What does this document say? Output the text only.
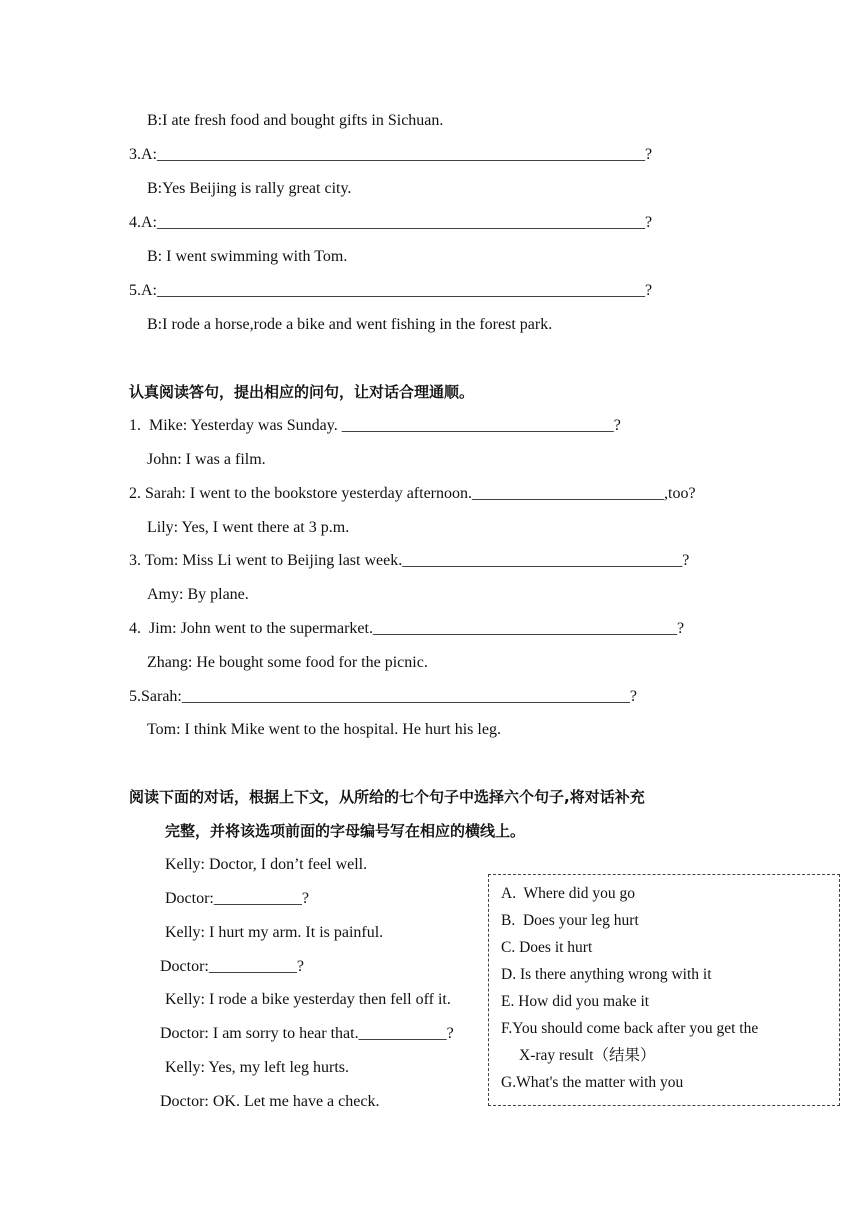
B:I ate fresh food and bought gifts in Sichuan.
3.A:_____________________________________________________________?
B:Yes Beijing is rally great city.
4.A:_____________________________________________________________?
B: I went swimming with Tom.
5.A:_____________________________________________________________?
B:I rode a horse,rode a bike and went fishing in the forest park.
认真阅读答句，提出相应的问句，让对话合理通顺。
1.  Mike: Yesterday was Sunday. __________________________________?
John: I was a film.
2. Sarah: I went to the bookstore yesterday afternoon.________________________,too?
Lily: Yes, I went there at 3 p.m.
3. Tom: Miss Li went to Beijing last week.___________________________________?
Amy: By plane.
4.  Jim: John went to the supermarket.______________________________________?
Zhang: He bought some food for the picnic.
5.Sarah:________________________________________________________?
Tom: I think Mike went to the hospital. He hurt his leg.
阅读下面的对话，根据上下文，从所给的七个句子中选择六个句子,将对话补充
完整，并将该选项前面的字母编号写在相应的横线上。
Kelly: Doctor, I don’t feel well.
Doctor:___________?
Kelly: I hurt my arm. It is painful.
Doctor:___________?
Kelly: I rode a bike yesterday then fell off it.
Doctor: I am sorry to hear that.___________?
Kelly: Yes, my left leg hurts.
Doctor: OK. Let me have a check.
A.  Where did you go
B.  Does your leg hurt
C. Does it hurt
D. Is there anything wrong with it
E. How did you make it
F.You should come back after you get the
X-ray result（结果）
G.What's the matter with you
